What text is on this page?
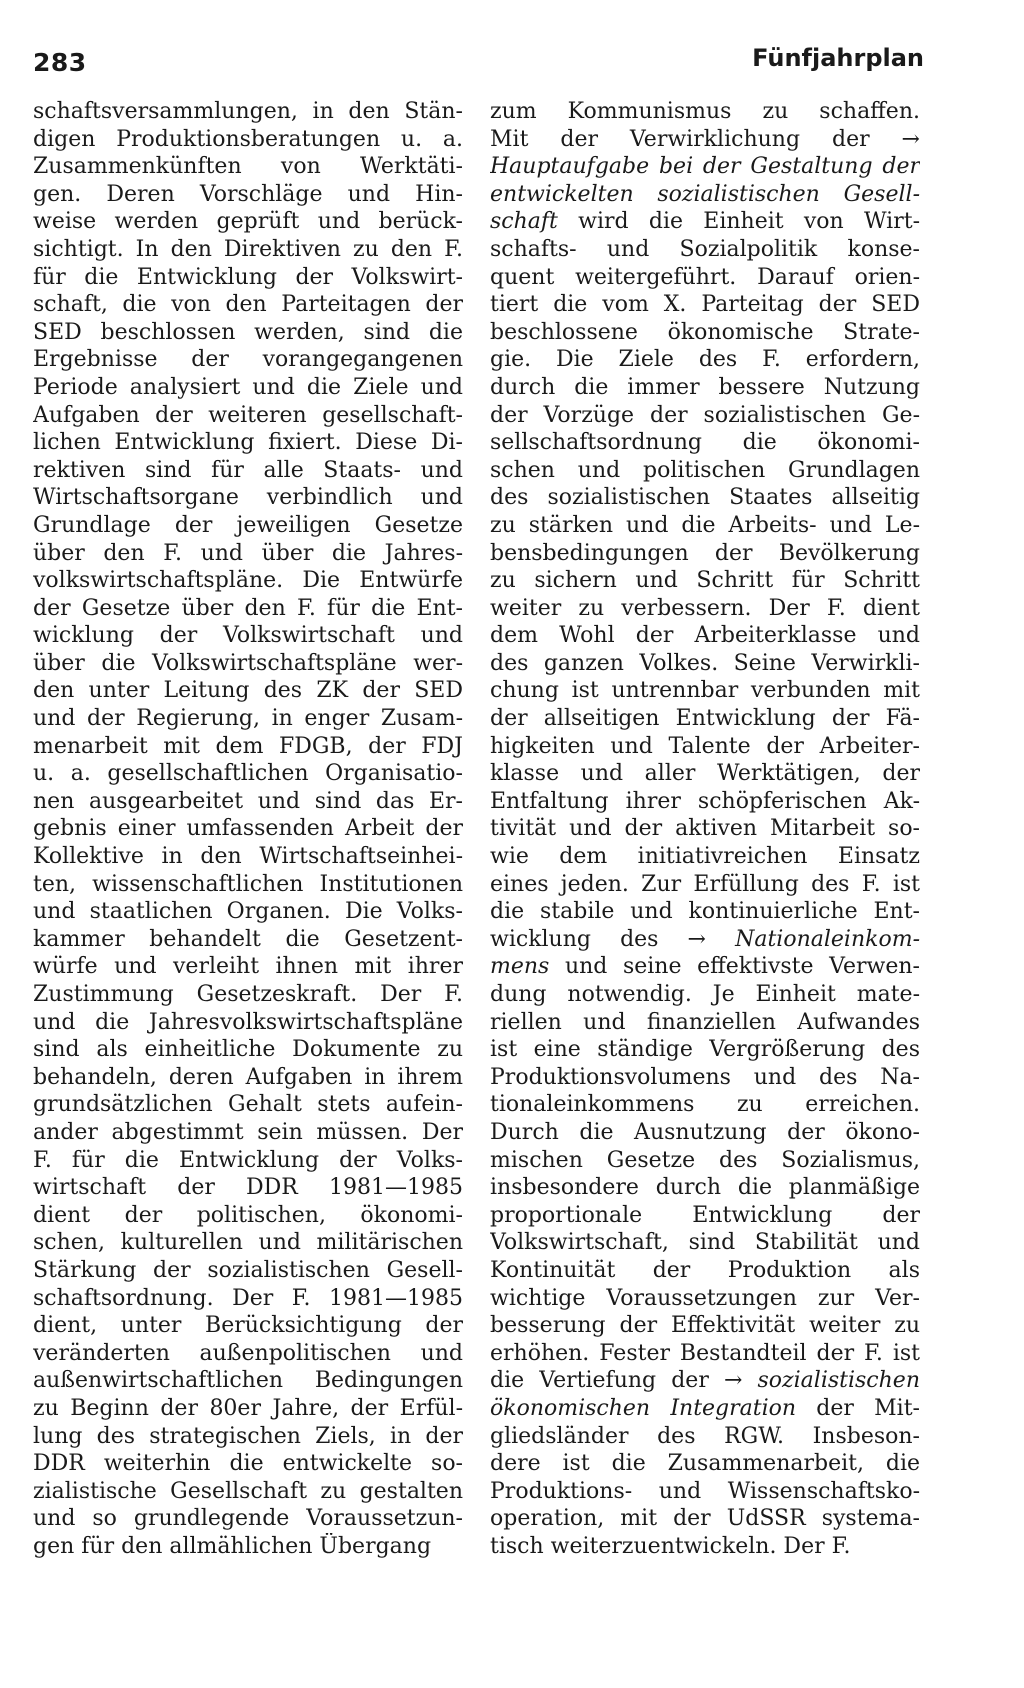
283	Fünfjahrplan
schaftsversammlungen, in den Stän-
digen Produktionsberatungen u. a.
Zusammenkünften von Werktäti-
gen. Deren Vorschläge und Hin-
weise werden geprüft und berück-
sichtigt. In den Direktiven zu den F.
für die Entwicklung der Volkswirt-
schaft, die von den Parteitagen der
SED beschlossen werden, sind die
Ergebnisse der vorangegangenen
Periode analysiert und die Ziele und
Aufgaben der weiteren gesellschaft-
lichen Entwicklung fixiert. Diese Di-
rektiven sind für alle Staats- und
Wirtschaftsorgane verbindlich und
Grundlage der jeweiligen Gesetze
über den F. und über die Jahres-
volkswirtschaftspläne. Die Entwürfe
der Gesetze über den F. für die Ent-
wicklung der Volkswirtschaft und
über die Volkswirtschaftspläne wer-
den unter Leitung des ZK der SED
und der Regierung, in enger Zusam-
menarbeit mit dem FDGB, der FDJ
u. a. gesellschaftlichen Organisatio-
nen ausgearbeitet und sind das Er-
gebnis einer umfassenden Arbeit der
Kollektive in den Wirtschaftseinhei-
ten, wissenschaftlichen Institutionen
und staatlichen Organen. Die Volks-
kammer behandelt die Gesetzent-
würfe und verleiht ihnen mit ihrer
Zustimmung Gesetzeskraft. Der F.
und die Jahresvolkswirtschaftspläne
sind als einheitliche Dokumente zu
behandeln, deren Aufgaben in ihrem
grundsätzlichen Gehalt stets aufein-
ander abgestimmt sein müssen. Der
F. für die Entwicklung der Volks-
wirtschaft der DDR 1981—1985
dient der politischen, ökonomi-
schen, kulturellen und militärischen
Stärkung der sozialistischen Gesell-
schaftsordnung. Der F. 1981—1985
dient, unter Berücksichtigung der
veränderten außenpolitischen und
außenwirtschaftlichen Bedingungen
zu Beginn der 80er Jahre, der Erfül-
lung des strategischen Ziels, in der
DDR weiterhin die entwickelte so-
zialistische Gesellschaft zu gestalten
und so grundlegende Voraussetzun-
gen für den allmählichen Übergang
zum Kommunismus zu schaffen.
Mit der Verwirklichung der →
Hauptaufgabe bei der Gestaltung der
entwickelten sozialistischen Gesell-
schaft wird die Einheit von Wirt-
schafts- und Sozialpolitik konse-
quent weitergeführt. Darauf orien-
tiert die vom X. Parteitag der SED
beschlossene ökonomische Strate-
gie. Die Ziele des F. erfordern,
durch die immer bessere Nutzung
der Vorzüge der sozialistischen Ge-
sellschaftsordnung die ökonomi-
schen und politischen Grundlagen
des sozialistischen Staates allseitig
zu stärken und die Arbeits- und Le-
bensbedingungen der Bevölkerung
zu sichern und Schritt für Schritt
weiter zu verbessern. Der F. dient
dem Wohl der Arbeiterklasse und
des ganzen Volkes. Seine Verwirkli-
chung ist untrennbar verbunden mit
der allseitigen Entwicklung der Fä-
higkeiten und Talente der Arbeiter-
klasse und aller Werktätigen, der
Entfaltung ihrer schöpferischen Ak-
tivität und der aktiven Mitarbeit so-
wie dem initiativreichen Einsatz
eines jeden. Zur Erfüllung des F. ist
die stabile und kontinuierliche Ent-
wicklung des → Nationaleinkom-
mens und seine effektivste Verwen-
dung notwendig. Je Einheit mate-
riellen und finanziellen Aufwandes
ist eine ständige Vergrößerung des
Produktionsvolumens und des Na-
tionaleinkommens zu erreichen.
Durch die Ausnutzung der ökono-
mischen Gesetze des Sozialismus,
insbesondere durch die planmäßige
proportionale Entwicklung der
Volkswirtschaft, sind Stabilität und
Kontinuität der Produktion als
wichtige Voraussetzungen zur Ver-
besserung der Effektivität weiter zu
erhöhen. Fester Bestandteil der F. ist
die Vertiefung der → sozialistischen
ökonomischen Integration der Mit-
gliedsländer des RGW. Insbeson-
dere ist die Zusammenarbeit, die
Produktions- und Wissenschaftsko-
operation, mit der UdSSR systema-
tisch weiterzuentwickeln. Der F.
